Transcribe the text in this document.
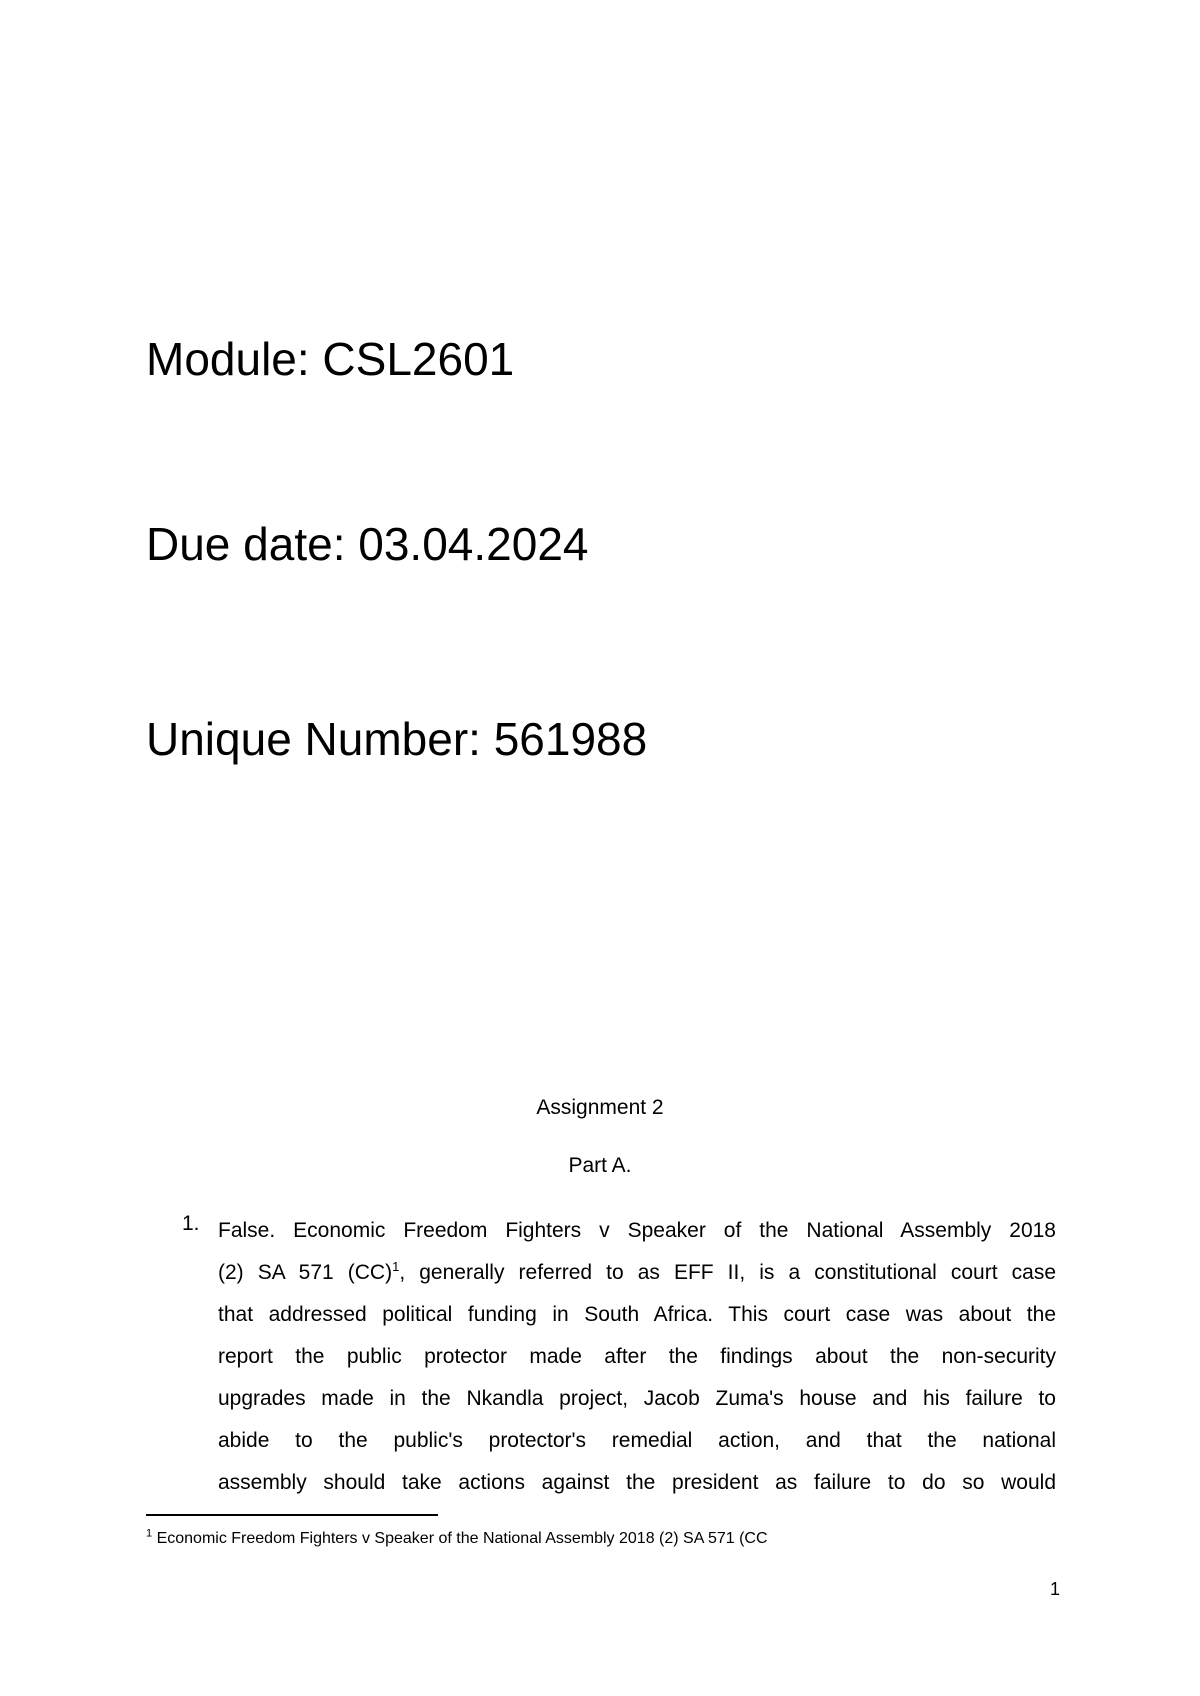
Module: CSL2601
Due date: 03.04.2024
Unique Number: 561988

Assignment 2

Part A.

1. False. Economic Freedom Fighters v Speaker of the National Assembly 2018
(2) SA 571 (CC)$^1$, generally referred to as EFF II, is a constitutional court case
that addressed political funding in South Africa. This court case was about the
report the public protector made after the findings about the non-security
upgrades made in the Nkandla project, Jacob Zuma's house and his failure to
abide to the public's protector's remedial action, and that the national
assembly should take actions against the president as failure to do so would
$^1$ Economic Freedom Fighters v Speaker of the National Assembly 2018 (2) SA 571 (CC
1
